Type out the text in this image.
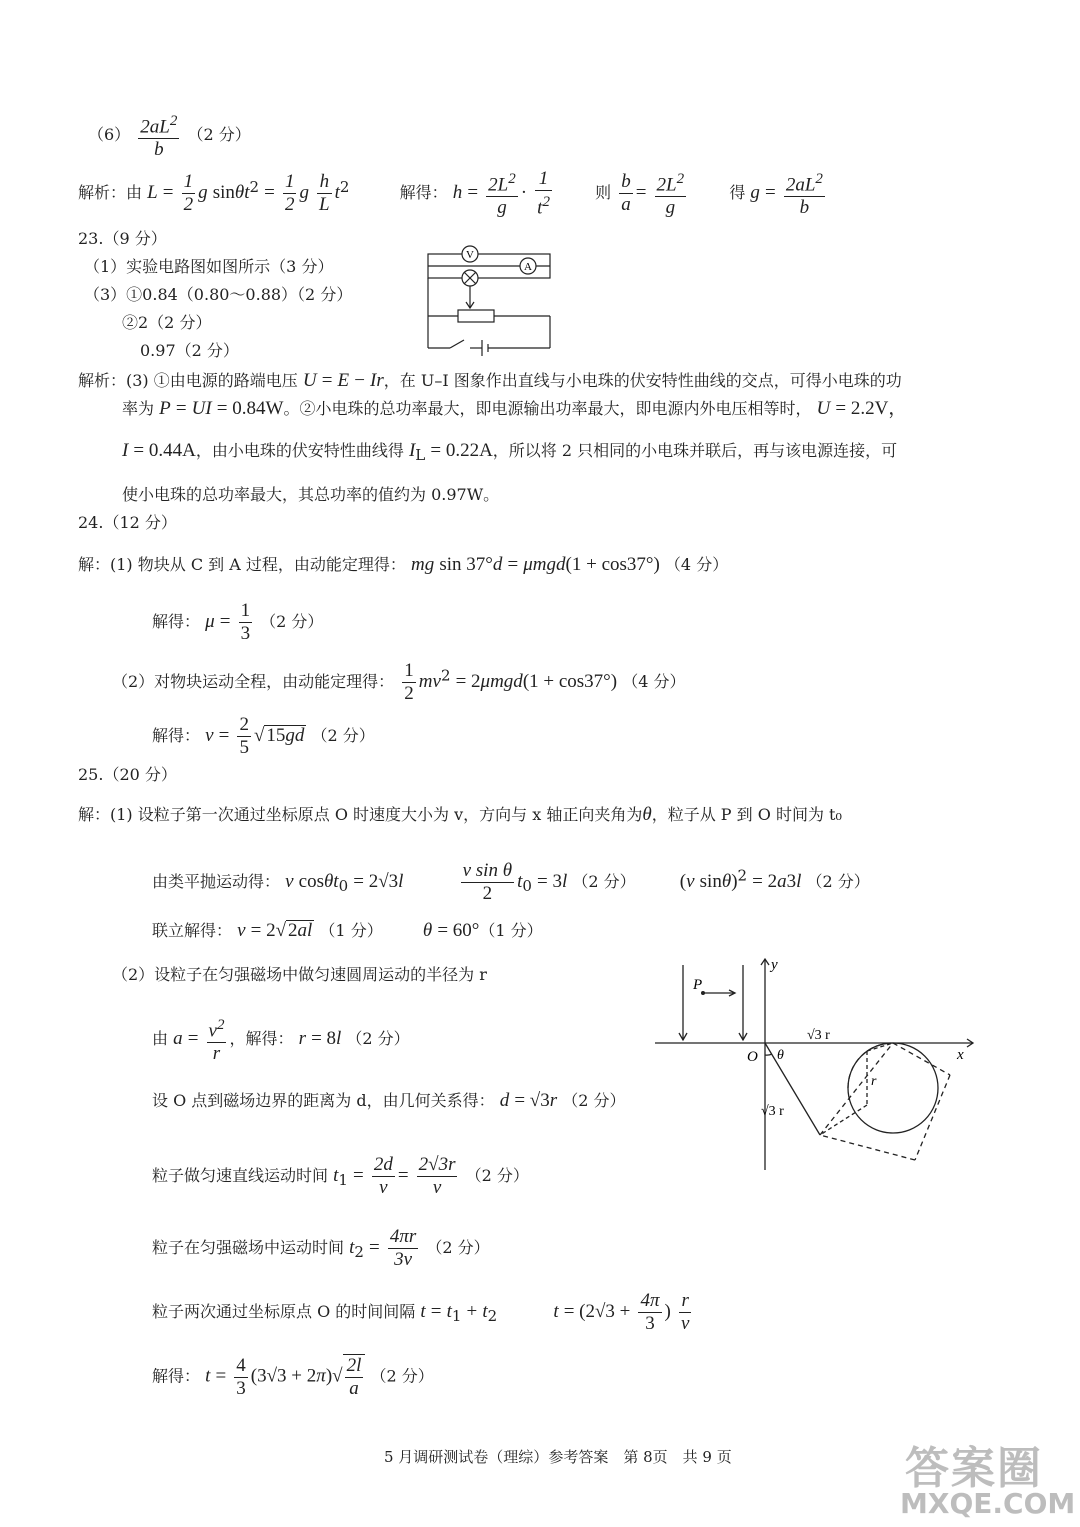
$(6) \frac{2aL^2}{b} (2$ 分）
解析：由 $L = \frac{1}{2}$ g $\sin\theta t^2 = \frac{1}{2}$ g $\frac{h}{L} t^2$	解得： $h = \frac{2L^2}{g} \cdot \frac{1}{t^2}$	则 $\frac{b}{a} = \frac{2L^2}{g}$	得 $g = \frac{2aL^2}{b}$
23.（9 分）
（1）实验电路图如图所示（3 分）
（3）①0.84（0.80～0.88）（2 分）
②2（2 分）
0.97（2 分）
V
A
解析：(3) ①由电源的路端电压 U = E − Ir，在 U–I 图象作出直线与小电珠的伏安特性曲线的交点，可得小电珠的功
率为 P = UI = 0.84W。②小电珠的总功率最大，即电源输出功率最大，即电源内外电压相等时， U = 2.2V，
I = 0.44A，由小电珠的伏安特性曲线得 $I_L = 0.22A$，所以将 2 只相同的小电珠并联后，再与该电源连接，可
使小电珠的总功率最大，其总功率的值约为 0.97W。
24.（12 分）
解：(1) 物块从 C 到 A 过程，由动能定理得： mg sin 37°d = μmgd(1 + cos37°) （4 分）
解得： $\mu = \frac{1}{3} (2$ 分）
（2）对物块运动全程，由动能定理得： $\frac{1}{2} mv^2 = 2\mu mgd(1 + \cos 37^\circ)$ （4 分）
解得： $v = \frac{2}{5}$ √ 15gd （2 分）
25.（20 分）
解：(1) 设粒子第一次通过坐标原点 O 时速度大小为 v，方向与 x 轴正向夹角为θ，粒子从 P 到 O 时间为 t₀
由类平抛运动得： v cosθt$_0$ = 2√3l	$\frac{\text{v sin θ}}{2} t_0 = 3l$ （2 分） (v sinθ)$^2$ = 2a3l （2 分）
联立解得： v = 2√ 2al （1 分） θ = 60°（1 分）
（2）设粒子在匀强磁场中做匀速圆周运动的半径为 r
由 $a = \frac{v^2}{r}$ ，解得： r = 8l （2 分）
设 O 点到磁场边界的距离为 d，由几何关系得： d = √3r （2 分）
粒子做匀速直线运动时间 $t_1 = \frac{2d}{v} = \frac{2√3r}{v} (2$ 分）
粒子在匀强磁场中运动时间 $t_2 = \frac{4\pi r}{3v} (2$ 分）
粒子两次通过坐标原点 O 的时间间隔 $t = t_1 + t_2$	$t = (2√3 + \frac{4\pi}{3}$ ) $\frac{r}{v}$
解得： $t = \frac{4}{3} (3√3 + 2\pi)√ \frac{2l}{a} (2$ 分）
y
x
O
P
θ
r
√3 r
√3 r
5 月调研测试卷（理综）参考答案　第 8页　共 9 页	答案圈
MXQE.COM
